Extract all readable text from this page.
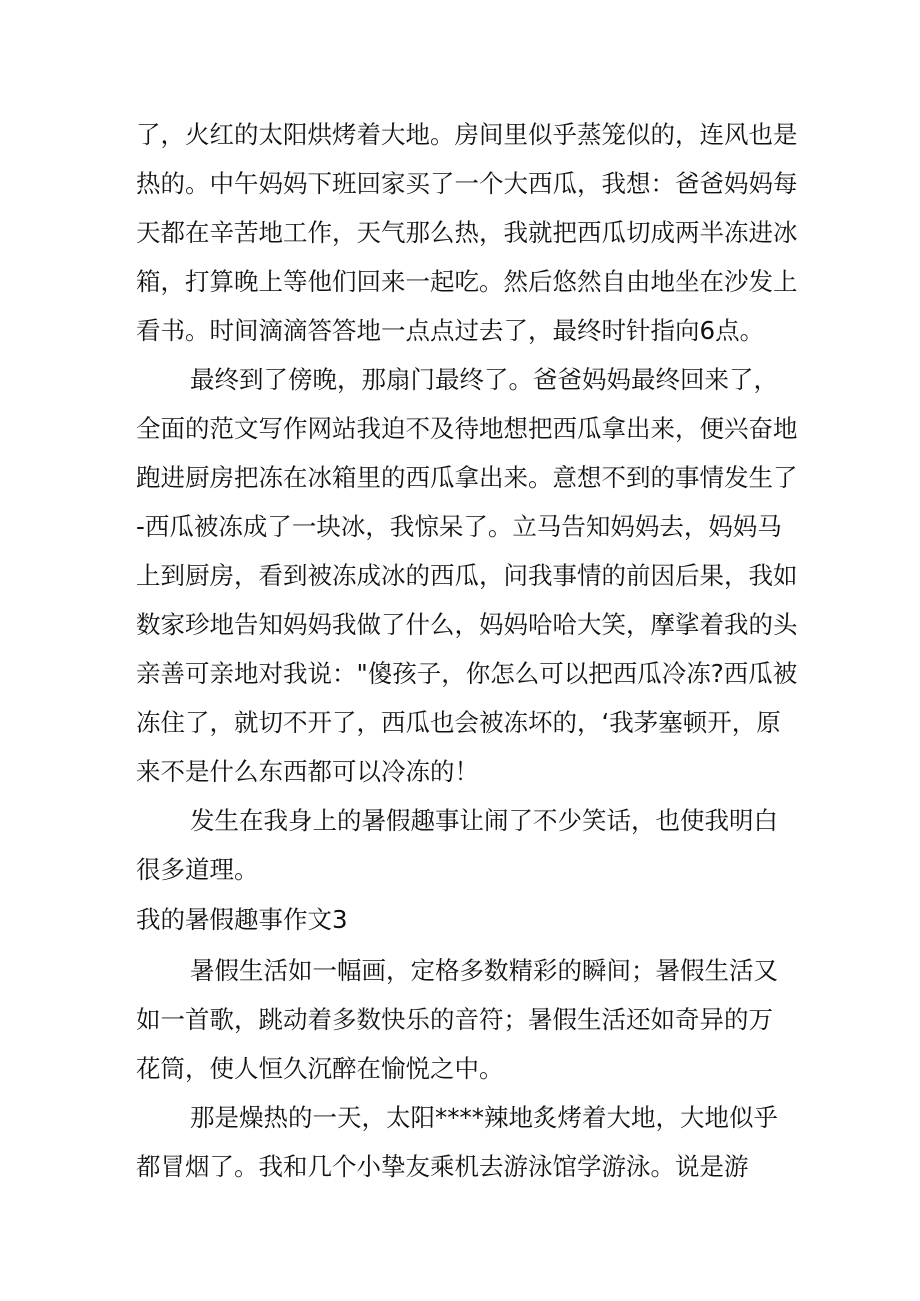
了，火红的太阳烘烤着大地。房间里似乎蒸笼似的，连风也是
热的。中午妈妈下班回家买了一个大西瓜，我想：爸爸妈妈每
天都在辛苦地工作，天气那么热，我就把西瓜切成两半冻进冰
箱，打算晚上等他们回来一起吃。然后悠然自由地坐在沙发上
看书。时间滴滴答答地一点点过去了，最终时针指向6点。
最终到了傍晚，那扇门最终了。爸爸妈妈最终回来了，
全面的范文写作网站我迫不及待地想把西瓜拿出来，便兴奋地
跑进厨房把冻在冰箱里的西瓜拿出来。意想不到的事情发生了
-西瓜被冻成了一块冰，我惊呆了。立马告知妈妈去，妈妈马
上到厨房，看到被冻成冰的西瓜，问我事情的前因后果，我如
数家珍地告知妈妈我做了什么，妈妈哈哈大笑，摩挲着我的头
亲善可亲地对我说："傻孩子，你怎么可以把西瓜冷冻?西瓜被
冻住了，就切不开了，西瓜也会被冻坏的，‘我茅塞顿开，原
来不是什么东西都可以冷冻的！
发生在我身上的暑假趣事让闹了不少笑话，也使我明白
很多道理。
我的暑假趣事作文3
暑假生活如一幅画，定格多数精彩的瞬间；暑假生活又
如一首歌，跳动着多数快乐的音符；暑假生活还如奇异的万
花筒，使人恒久沉醉在愉悦之中。
那是燥热的一天，太阳****辣地炙烤着大地，大地似乎
都冒烟了。我和几个小挚友乘机去游泳馆学游泳。说是游
